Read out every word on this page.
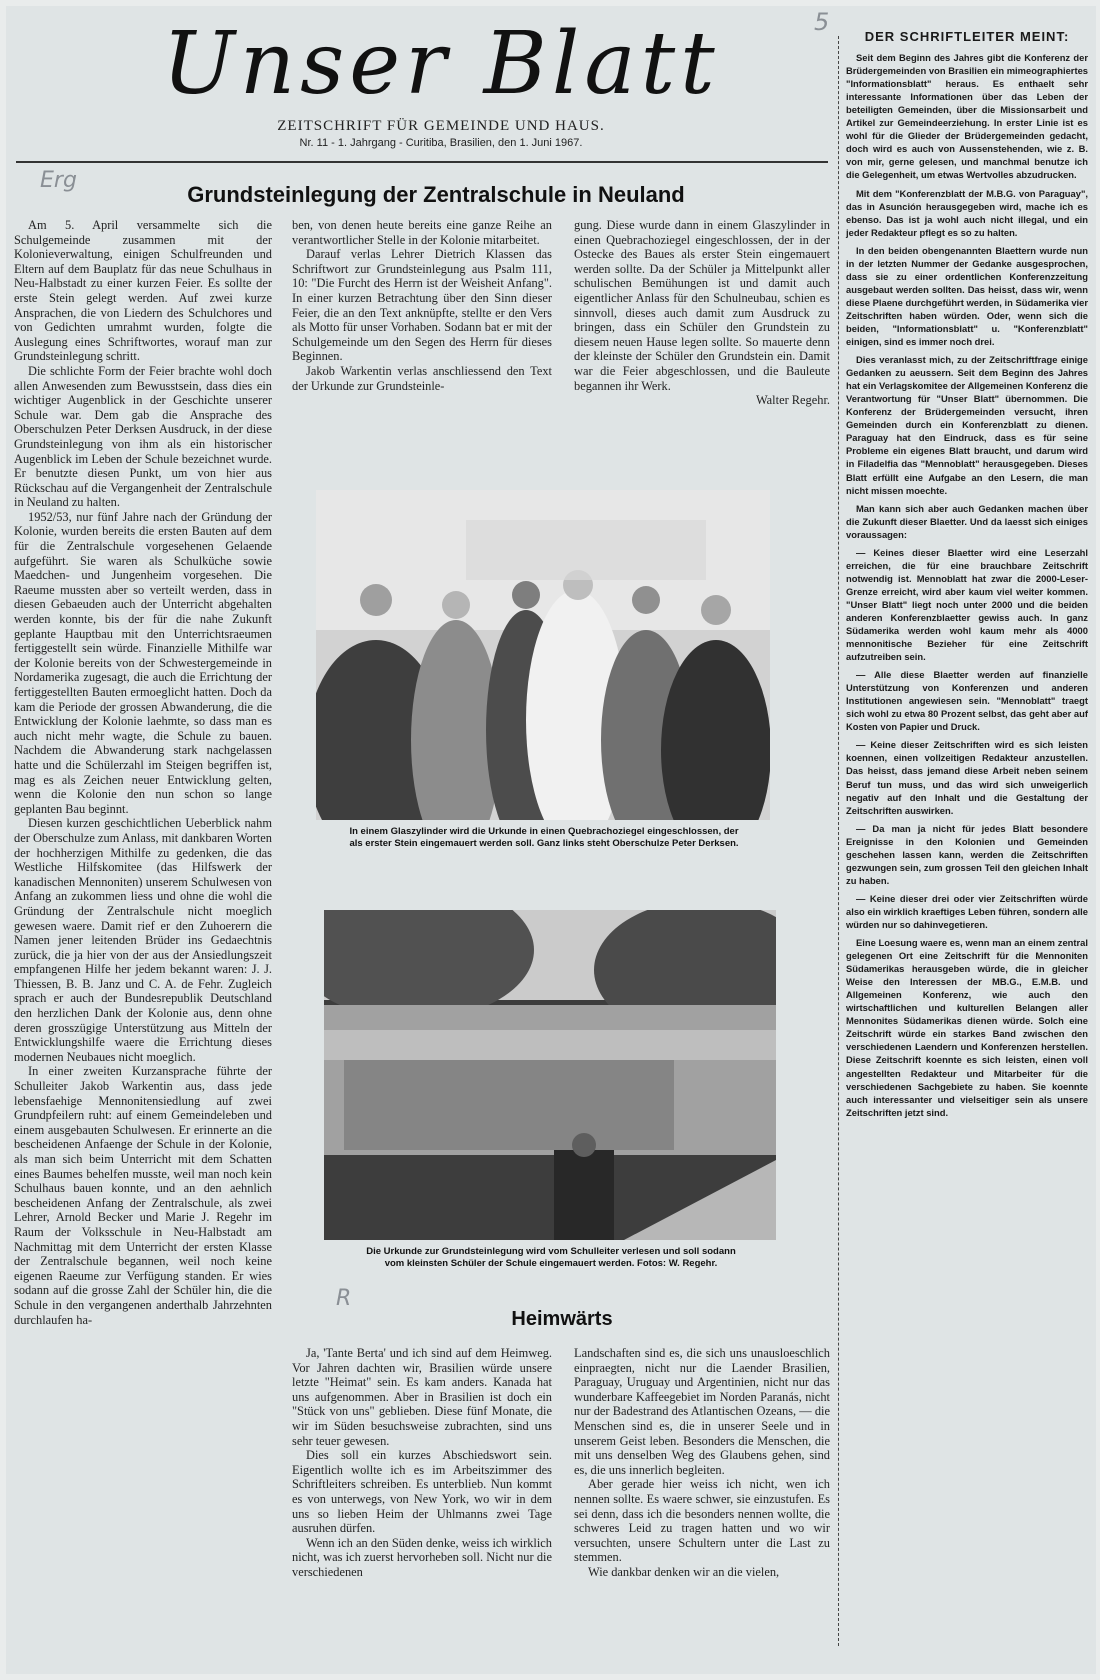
Unser Blatt
ZEITSCHRIFT FÜR GEMEINDE UND HAUS.
Nr. 11 - 1. Jahrgang - Curitiba, Brasilien, den 1. Juni 1967.
5
Erg
R
Grundsteinlegung der Zentralschule in Neuland

Am 5. April versammelte sich die Schulgemeinde zusammen mit der Kolonieverwaltung, einigen Schulfreunden und Eltern auf dem Bauplatz für das neue Schulhaus in Neu-Halbstadt zu einer kurzen Feier. Es sollte der erste Stein gelegt werden. Auf zwei kurze Ansprachen, die von Liedern des Schulchores und von Gedichten umrahmt wurden, folgte die Auslegung eines Schriftwortes, worauf man zur Grundsteinlegung schritt.

Die schlichte Form der Feier brachte wohl doch allen Anwesenden zum Bewusstsein, dass dies ein wichtiger Augenblick in der Geschichte unserer Schule war. Dem gab die Ansprache des Oberschulzen Peter Derksen Ausdruck, in der diese Grundsteinlegung von ihm als ein historischer Augenblick im Leben der Schule bezeichnet wurde. Er benutzte diesen Punkt, um von hier aus Rückschau auf die Vergangenheit der Zentralschule in Neuland zu halten.

1952/53, nur fünf Jahre nach der Gründung der Kolonie, wurden bereits die ersten Bauten auf dem für die Zentralschule vorgesehenen Gelaende aufgeführt. Sie waren als Schulküche sowie Maedchen- und Jungenheim vorgesehen. Die Raeume mussten aber so verteilt werden, dass in diesen Gebaeuden auch der Unterricht abgehalten werden konnte, bis der für die nahe Zukunft geplante Hauptbau mit den Unterrichtsraeumen fertiggestellt sein würde. Finanzielle Mithilfe war der Kolonie bereits von der Schwestergemeinde in Nordamerika zugesagt, die auch die Errichtung der fertiggestellten Bauten ermoeglicht hatten. Doch da kam die Periode der grossen Abwanderung, die die Entwicklung der Kolonie laehmte, so dass man es auch nicht mehr wagte, die Schule zu bauen. Nachdem die Abwanderung stark nachgelassen hatte und die Schülerzahl im Steigen begriffen ist, mag es als Zeichen neuer Entwicklung gelten, wenn die Kolonie den nun schon so lange geplanten Bau beginnt.

Diesen kurzen geschichtlichen Ueberblick nahm der Oberschulze zum Anlass, mit dankbaren Worten der hochherzigen Mithilfe zu gedenken, die das Westliche Hilfskomitee (das Hilfswerk der kanadischen Mennoniten) unserem Schulwesen von Anfang an zukommen liess und ohne die wohl die Gründung der Zentralschule nicht moeglich gewesen waere. Damit rief er den Zuhoerern die Namen jener leitenden Brüder ins Gedaechtnis zurück, die ja hier von der aus der Ansiedlungszeit empfangenen Hilfe her jedem bekannt waren: J. J. Thiessen, B. B. Janz und C. A. de Fehr. Zugleich sprach er auch der Bundesrepublik Deutschland den herzlichen Dank der Kolonie aus, denn ohne deren grosszügige Unterstützung aus Mitteln der Entwicklungshilfe waere die Errichtung dieses modernen Neubaues nicht moeglich.

In einer zweiten Kurzansprache führte der Schulleiter Jakob Warkentin aus, dass jede lebensfaehige Mennonitensiedlung auf zwei Grundpfeilern ruht: auf einem Gemeindeleben und einem ausgebauten Schulwesen. Er erinnerte an die bescheidenen Anfaenge der Schule in der Kolonie, als man sich beim Unterricht mit dem Schatten eines Baumes behelfen musste, weil man noch kein Schulhaus bauen konnte, und an den aehnlich bescheidenen Anfang der Zentralschule, als zwei Lehrer, Arnold Becker und Marie J. Regehr im Raum der Volksschule in Neu-Halbstadt am Nachmittag mit dem Unterricht der ersten Klasse der Zentralschule begannen, weil noch keine eigenen Raeume zur Verfügung standen. Er wies sodann auf die grosse Zahl der Schüler hin, die die Schule in den vergangenen anderthalb Jahrzehnten durchlaufen ha-

ben, von denen heute bereits eine ganze Reihe an verantwortlicher Stelle in der Kolonie mitarbeitet.

Darauf verlas Lehrer Dietrich Klassen das Schriftwort zur Grundsteinlegung aus Psalm 111, 10: "Die Furcht des Herrn ist der Weisheit Anfang". In einer kurzen Betrachtung über den Sinn dieser Feier, die an den Text anknüpfte, stellte er den Vers als Motto für unser Vorhaben. Sodann bat er mit der Schulgemeinde um den Segen des Herrn für dieses Beginnen.

Jakob Warkentin verlas anschliessend den Text der Urkunde zur Grundsteinle-

gung. Diese wurde dann in einem Glaszylinder in einen Quebrachoziegel eingeschlossen, der in der Ostecke des Baues als erster Stein eingemauert werden sollte. Da der Schüler ja Mittelpunkt aller schulischen Bemühungen ist und damit auch eigentlicher Anlass für den Schulneubau, schien es sinnvoll, dieses auch damit zum Ausdruck zu bringen, dass ein Schüler den Grundstein zu diesem neuen Hause legen sollte. So mauerte denn der kleinste der Schüler den Grundstein ein. Damit war die Feier abgeschlossen, und die Bauleute begannen ihr Werk.

Walter Regehr.

In einem Glaszylinder wird die Urkunde in einen Quebrachoziegel eingeschlossen, der als erster Stein eingemauert werden soll. Ganz links steht Oberschulze Peter Derksen.
Die Urkunde zur Grundsteinlegung wird vom Schulleiter verlesen und soll sodann vom kleinsten Schüler der Schule eingemauert werden. Fotos: W. Regehr.
Heimwärts

Ja, 'Tante Berta' und ich sind auf dem Heimweg. Vor Jahren dachten wir, Brasilien würde unsere letzte "Heimat" sein. Es kam anders. Kanada hat uns aufgenommen. Aber in Brasilien ist doch ein "Stück von uns" geblieben. Diese fünf Monate, die wir im Süden besuchsweise zubrachten, sind uns sehr teuer gewesen.

Dies soll ein kurzes Abschiedswort sein. Eigentlich wollte ich es im Arbeitszimmer des Schriftleiters schreiben. Es unterblieb. Nun kommt es von unterwegs, von New York, wo wir in dem uns so lieben Heim der Uhlmanns zwei Tage ausruhen dürfen.

Wenn ich an den Süden denke, weiss ich wirklich nicht, was ich zuerst hervorheben soll. Nicht nur die verschiedenen

Landschaften sind es, die sich uns unausloeschlich einpraegten, nicht nur die Laender Brasilien, Paraguay, Uruguay und Argentinien, nicht nur das wunderbare Kaffeegebiet im Norden Paranás, nicht nur der Badestrand des Atlantischen Ozeans, — die Menschen sind es, die in unserer Seele und in unserem Geist leben. Besonders die Menschen, die mit uns denselben Weg des Glaubens gehen, sind es, die uns innerlich begleiten.

Aber gerade hier weiss ich nicht, wen ich nennen sollte. Es waere schwer, sie einzustufen. Es sei denn, dass ich die besonders nennen wollte, die schweres Leid zu tragen hatten und wo wir versuchten, unsere Schultern unter die Last zu stemmen.

Wie dankbar denken wir an die vielen,

DER SCHRIFTLEITER MEINT:

Seit dem Beginn des Jahres gibt die Konferenz der Brüdergemeinden von Brasilien ein mimeographiertes "Informationsblatt" heraus. Es enthaelt sehr interessante Informationen über das Leben der beteiligten Gemeinden, über die Missionsarbeit und Artikel zur Gemeindeerziehung. In erster Linie ist es wohl für die Glieder der Brüdergemeinden gedacht, doch wird es auch von Aussenstehenden, wie z. B. von mir, gerne gelesen, und manchmal benutze ich die Gelegenheit, um etwas Wertvolles abzudrucken.

Mit dem "Konferenzblatt der M.B.G. von Paraguay", das in Asunción herausgegeben wird, mache ich es ebenso. Das ist ja wohl auch nicht illegal, und ein jeder Redakteur pflegt es so zu halten.

In den beiden obengenannten Blaettern wurde nun in der letzten Nummer der Gedanke ausgesprochen, dass sie zu einer ordentlichen Konferenzzeitung ausgebaut werden sollten. Das heisst, dass wir, wenn diese Plaene durchgeführt werden, in Südamerika vier Zeitschriften haben würden. Oder, wenn sich die beiden, "Informationsblatt" u. "Konferenzblatt" einigen, sind es immer noch drei.

Dies veranlasst mich, zu der Zeitschriftfrage einige Gedanken zu aeussern. Seit dem Beginn des Jahres hat ein Verlagskomitee der Allgemeinen Konferenz die Verantwortung für "Unser Blatt" übernommen. Die Konferenz der Brüdergemeinden versucht, ihren Gemeinden durch ein Konferenzblatt zu dienen. Paraguay hat den Eindruck, dass es für seine Probleme ein eigenes Blatt braucht, und darum wird in Filadelfia das "Mennoblatt" herausgegeben. Dieses Blatt erfüllt eine Aufgabe an den Lesern, die man nicht missen moechte.

Man kann sich aber auch Gedanken machen über die Zukunft dieser Blaetter. Und da laesst sich einiges voraussagen:

— Keines dieser Blaetter wird eine Leserzahl erreichen, die für eine brauchbare Zeitschrift notwendig ist. Mennoblatt hat zwar die 2000-Leser-Grenze erreicht, wird aber kaum viel weiter kommen. "Unser Blatt" liegt noch unter 2000 und die beiden anderen Konferenzblaetter gewiss auch. In ganz Südamerika werden wohl kaum mehr als 4000 mennonitische Bezieher für eine Zeitschrift aufzutreiben sein.

— Alle diese Blaetter werden auf finanzielle Unterstützung von Konferenzen und anderen Institutionen angewiesen sein. "Mennoblatt" traegt sich wohl zu etwa 80 Prozent selbst, das geht aber auf Kosten von Papier und Druck.

— Keine dieser Zeitschriften wird es sich leisten koennen, einen vollzeitigen Redakteur anzustellen. Das heisst, dass jemand diese Arbeit neben seinem Beruf tun muss, und das wird sich unweigerlich negativ auf den Inhalt und die Gestaltung der Zeitschriften auswirken.

— Da man ja nicht für jedes Blatt besondere Ereignisse in den Kolonien und Gemeinden geschehen lassen kann, werden die Zeitschriften gezwungen sein, zum grossen Teil den gleichen Inhalt zu haben.

— Keine dieser drei oder vier Zeitschriften würde also ein wirklich kraeftiges Leben führen, sondern alle würden nur so dahinvegetieren.

Eine Loesung waere es, wenn man an einem zentral gelegenen Ort eine Zeitschrift für die Mennoniten Südamerikas herausgeben würde, die in gleicher Weise den Interessen der MB.G., E.M.B. und Allgemeinen Konferenz, wie auch den wirtschaftlichen und kulturellen Belangen aller Mennonites Südamerikas dienen würde. Solch eine Zeitschrift würde ein starkes Band zwischen den verschiedenen Laendern und Konferenzen herstellen. Diese Zeitschrift koennte es sich leisten, einen voll angestellten Redakteur und Mitarbeiter für die verschiedenen Sachgebiete zu haben. Sie koennte auch interessanter und vielseitiger sein als unsere Zeitschriften jetzt sind.
